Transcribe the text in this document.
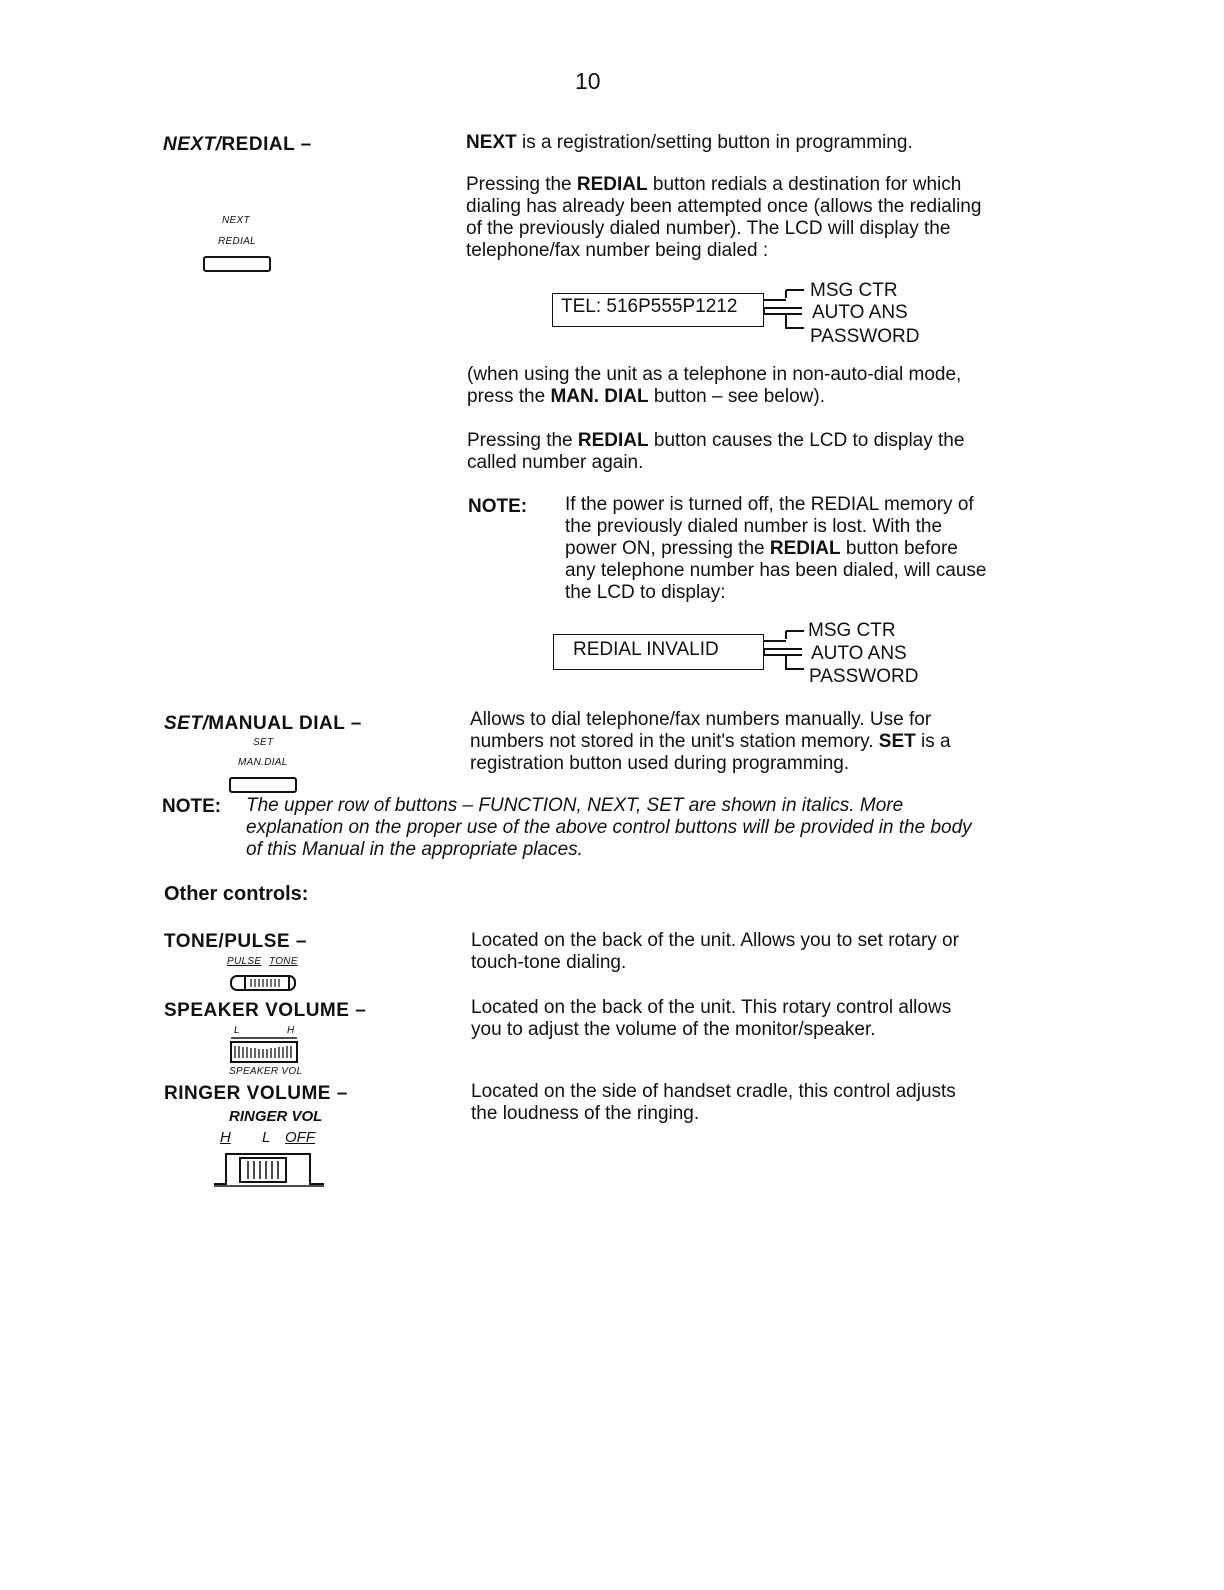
10
NEXT/REDIAL –
NEXT
REDIAL
NEXT is a registration/setting button in programming.
Pressing the REDIAL button redials a destination for which
dialing has already been attempted once (allows the redialing
of the previously dialed number). The LCD will display the
telephone/fax number being dialed :
TEL: 516P555P1212
MSG CTR
AUTO ANS
PASSWORD
(when using the unit as a telephone in non-auto-dial mode,
press the MAN. DIAL button – see below).
Pressing the REDIAL button causes the LCD to display the
called number again.
NOTE: If the power is turned off, the REDIAL memory of
the previously dialed number is lost. With the
power ON, pressing the REDIAL button before
any telephone number has been dialed, will cause
the LCD to display:
REDIAL INVALID
MSG CTR
AUTO ANS
PASSWORD
SET/MANUAL DIAL –
SET
MAN.DIAL
Allows to dial telephone/fax numbers manually. Use for
numbers not stored in the unit's station memory. SET is a
registration button used during programming.
NOTE: The upper row of buttons – FUNCTION, NEXT, SET are shown in italics. More
explanation on the proper use of the above control buttons will be provided in the body
of this Manual in the appropriate places.
Other controls:
TONE/PULSE –
PULSE TONE
Located on the back of the unit. Allows you to set rotary or
touch-tone dialing.
SPEAKER VOLUME –
L	H
SPEAKER VOL
Located on the back of the unit. This rotary control allows
you to adjust the volume of the monitor/speaker.
RINGER VOLUME –
RINGER VOL
H L OFF
Located on the side of handset cradle, this control adjusts
the loudness of the ringing.
